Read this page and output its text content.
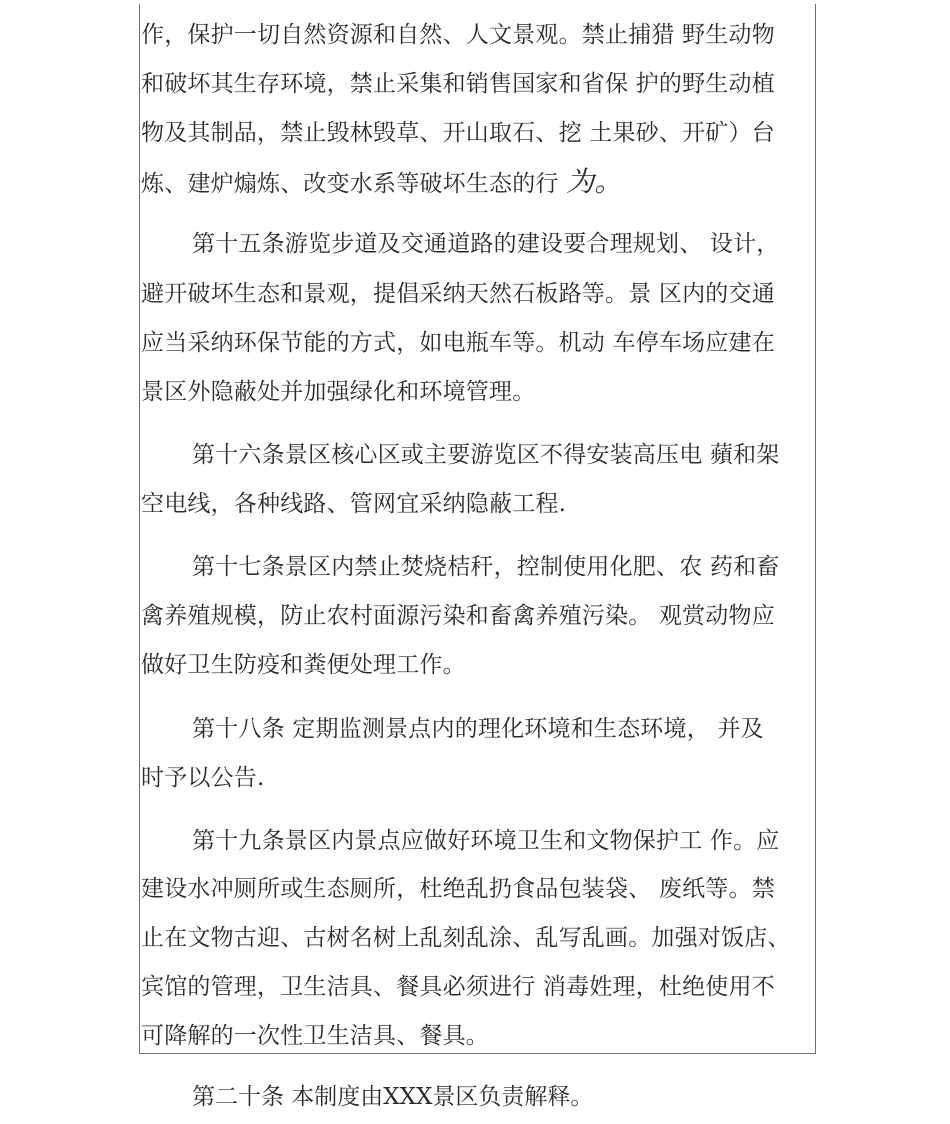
作，保护一切自然资源和自然、人文景观。禁止捕猎 野生动物
和破坏其生存环境，禁止采集和销售国家和省保 护的野生动植
物及其制品，禁止毁林毁草、开山取石、挖 土果砂、开矿）台
炼、建炉煽炼、改变水系等破坏生态的行 为。
第十五条游览步道及交通道路的建设要合理规划、 设计，
避开破坏生态和景观，提倡采纳天然石板路等。景 区内的交通
应当采纳环保节能的方式，如电瓶车等。机动 车停车场应建在
景区外隐蔽处并加强绿化和环境管理。
第十六条景区核心区或主要游览区不得安装高压电 蘋和架
空电线，各种线路、管网宜采纳隐蔽工程.
第十七条景区内禁止焚烧桔秆，控制使用化肥、农 药和畜
禽养殖规模，防止农村面源污染和畜禽养殖污染。 观赏动物应
做好卫生防疫和粪便处理工作。
第十八条 定期监测景点内的理化环境和生态环境， 并及
时予以公告.
第十九条景区内景点应做好环境卫生和文物保护工 作。应
建设水冲厕所或生态厕所，杜绝乱扔食品包装袋、 废纸等。禁
止在文物古迎、古树名树上乱刻乱涂、乱写乱画。加强对饭店、
宾馆的管理，卫生洁具、餐具必须进行 消毒姓理，杜绝使用不
可降解的一次性卫生洁具、餐具。
第二十条 本制度由XXX景区负责解释。
